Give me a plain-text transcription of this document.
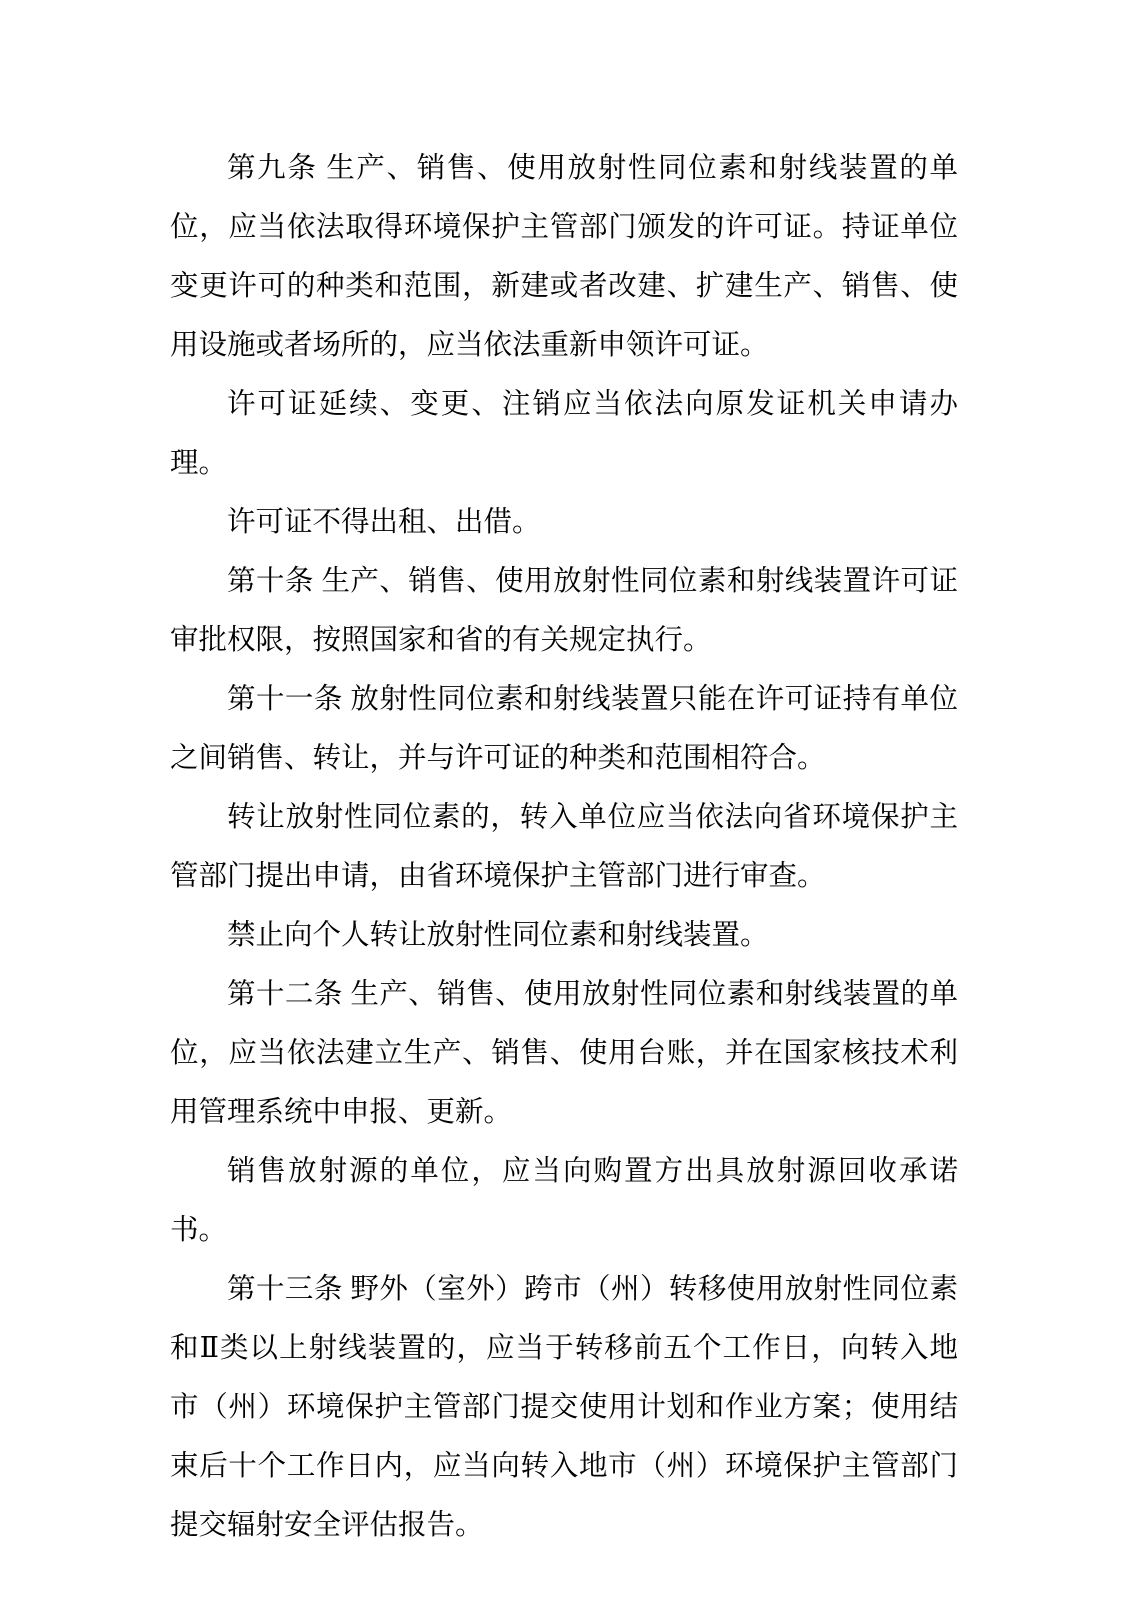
第九条 生产、销售、使用放射性同位素和射线装置的单位，应当依法取得环境保护主管部门颁发的许可证。持证单位变更许可的种类和范围，新建或者改建、扩建生产、销售、使用设施或者场所的，应当依法重新申领许可证。

许可证延续、变更、注销应当依法向原发证机关申请办理。

许可证不得出租、出借。

第十条 生产、销售、使用放射性同位素和射线装置许可证审批权限，按照国家和省的有关规定执行。

第十一条 放射性同位素和射线装置只能在许可证持有单位之间销售、转让，并与许可证的种类和范围相符合。

转让放射性同位素的，转入单位应当依法向省环境保护主管部门提出申请，由省环境保护主管部门进行审查。

禁止向个人转让放射性同位素和射线装置。

第十二条 生产、销售、使用放射性同位素和射线装置的单位，应当依法建立生产、销售、使用台账，并在国家核技术利用管理系统中申报、更新。

销售放射源的单位，应当向购置方出具放射源回收承诺书。

第十三条 野外（室外）跨市（州）转移使用放射性同位素和Ⅱ类以上射线装置的，应当于转移前五个工作日，向转入地市（州）环境保护主管部门提交使用计划和作业方案；使用结束后十个工作日内，应当向转入地市（州）环境保护主管部门提交辐射安全评估报告。
